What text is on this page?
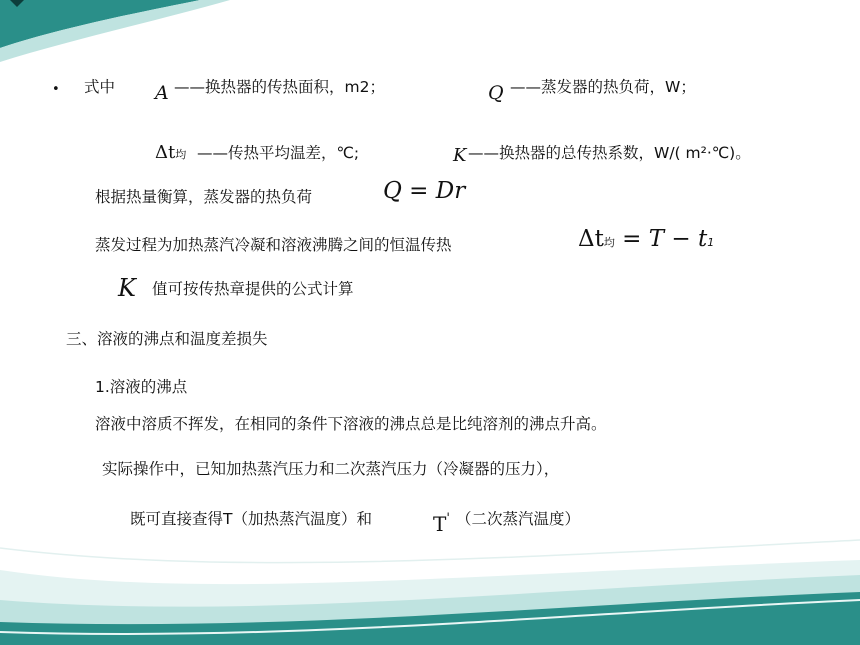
• 式中 A ——换热器的传热面积，m2；	Q ——蒸发器的热负荷，W；
Δt均 ——传热平均温差，℃;	K ——换热器的总传热系数，W/( m²·℃)。
根据热量衡算，蒸发器的热负荷	Q = Dr
蒸发过程为加热蒸汽冷凝和溶液沸腾之间的恒温传热	Δt均 = T − t1
K 值可按传热章提供的公式计算
三、溶液的沸点和温度差损失
1.溶液的沸点
溶液中溶质不挥发，在相同的条件下溶液的沸点总是比纯溶剂的沸点升高。
实际操作中，已知加热蒸汽压力和二次蒸汽压力（冷凝器的压力），
既可直接查得T（加热蒸汽温度）和	T' （二次蒸汽温度）
